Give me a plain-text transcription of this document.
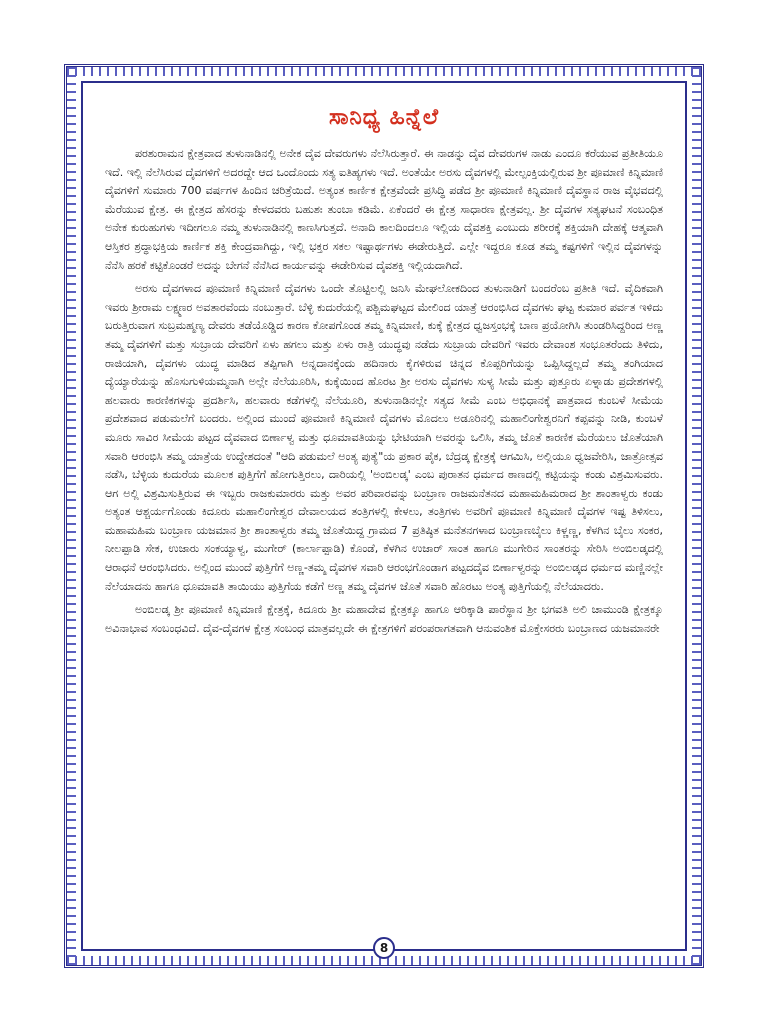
ಸಾನಿಧ್ಯ ಹಿನ್ನೆಲೆ

ಪರಶುರಾಮನ ಕ್ಷೇತ್ರವಾದ ತುಳುನಾಡಿನಲ್ಲಿ ಅನೇಕ ದೈವ ದೇವರುಗಳು ನೆಲೆಸಿರುತ್ತಾರೆ. ಈ ನಾಡನ್ನು ದೈವ ದೇವರುಗಳ ನಾಡು ಎಂದೂ ಕರೆಯುವ ಪ್ರತೀತಿಯೂ ಇದೆ. ಇಲ್ಲಿ ನೆಲೆಸಿರುವ ದೈವಗಳಿಗೆ ಅದರದ್ದೇ ಆದ ಒಂದೊಂದು ಸತ್ಯ ಐತಿಹ್ಯಗಳು ಇದೆ. ಅಂತೆಯೇ ಅರಸು ದೈವಗಳಲ್ಲಿ ಮೇಲ್ಪಂಕ್ತಿಯಲ್ಲಿರುವ ಶ್ರೀ ಪೂಮಾಣಿ ಕಿನ್ನಿಮಾಣಿ ದೈವಗಳಿಗೆ ಸುಮಾರು 700 ವರ್ಷಗಳ ಹಿಂದಿನ ಚರಿತ್ರೆಯಿದೆ. ಅತ್ಯಂತ ಕಾರ್ಣಿಕ ಕ್ಷೇತ್ರವೆಂದೇ ಪ್ರಸಿದ್ಧಿ ಪಡೆದ ಶ್ರೀ ಪೂಮಾಣಿ ಕಿನ್ನಿಮಾಣಿ ದೈವಸ್ಥಾನ ರಾಜ ವೈಭವದಲ್ಲಿ ಮೆರೆಯುವ ಕ್ಷೇತ್ರ. ಈ ಕ್ಷೇತ್ರದ ಹೆಸರನ್ನು ಕೇಳದವರು ಬಹುಶಃ ತುಂಬಾ ಕಡಿಮೆ. ಏಕೆಂದರೆ ಈ ಕ್ಷೇತ್ರ ಸಾಧಾರಣ ಕ್ಷೇತ್ರವಲ್ಲ. ಶ್ರೀ ದೈವಗಳ ಸತ್ಯಘಟನೆ ಸಂಬಂಧಿತ ಅನೇಕ ಕುರುಹುಗಳು ಇದೀಗಲೂ ನಮ್ಮ ತುಳುನಾಡಿನಲ್ಲಿ ಕಾಣಸಿಗುತ್ತದೆ. ಅನಾದಿ ಕಾಲದಿಂದಲೂ ಇಲ್ಲಿಯ ದೈವಶಕ್ತಿ ಎಂಬುದು ಶರೀರಕ್ಕೆ ಶಕ್ತಿಯಾಗಿ ದೇಹಕ್ಕೆ ಆತ್ಮವಾಗಿ ಆಸ್ತಿಕರ ಶ್ರದ್ಧಾಭಕ್ತಿಯ ಕಾರ್ಣಿಕ ಶಕ್ತಿ ಕೇಂದ್ರವಾಗಿದ್ದು, ಇಲ್ಲಿ ಭಕ್ತರ ಸಕಲ ಇಷ್ಟಾರ್ಥಗಳು ಈಡೇರುತ್ತಿದೆ. ಎಲ್ಲೇ ಇದ್ದರೂ ಕೂಡ ತಮ್ಮ ಕಷ್ಟಗಳಿಗೆ ಇಲ್ಲಿನ ದೈವಗಳನ್ನು ನೆನೆಸಿ ಹರಕೆ ಕಟ್ಟಿಕೊಂಡರೆ ಅದನ್ನು ಬೇಗನೆ ನೆನೆಸಿದ ಕಾರ್ಯವನ್ನು ಈಡೇರಿಸುವ ದೈವಶಕ್ತಿ ಇಲ್ಲಿಯದಾಗಿದೆ.

ಅರಸು ದೈವಗಳಾದ ಪೂಮಾಣಿ ಕಿನ್ನಿಮಾಣಿ ದೈವಗಳು ಒಂದೇ ತೊಟ್ಟಿಲಲ್ಲಿ ಜನಿಸಿ ಮೇಘಲೋಕದಿಂದ ತುಳುನಾಡಿಗೆ ಬಂದರೆಂಬ ಪ್ರತೀತಿ ಇದೆ. ವೈದಿಕವಾಗಿ ಇವರು ಶ್ರೀರಾಮ ಲಕ್ಷ್ಮಣರ ಅವತಾರವೆಂದು ನಂಬುತ್ತಾರೆ. ಬೆಳ್ಳಿ ಕುದುರೆಯಲ್ಲಿ ಪಶ್ಚಿಮಘಟ್ಟದ ಮೇಲಿಂದ ಯಾತ್ರೆ ಆರಂಭಿಸಿದ ದೈವಗಳು ಘಟ್ಟ ಕುಮಾರ ಪರ್ವತ ಇಳಿದು ಬರುತ್ತಿರುವಾಗ ಸುಬ್ರಮಹ್ಮಣ್ಯ ದೇವರು ತಡೆಯೊಡ್ಡಿದ ಕಾರಣ ಕೋಪಗೊಂಡ ತಮ್ಮ ಕಿನ್ನಿಮಾಣಿ, ಕುಕ್ಕೆ ಕ್ಷೇತ್ರದ ಧ್ವಜಸ್ತಂಭಕ್ಕೆ ಬಾಣ ಪ್ರಯೋಗಿಸಿ ತುಂಡರಿಸಿದ್ದರಿಂದ ಅಣ್ಣ ತಮ್ಮ ದೈವಗಳಿಗೆ ಮತ್ತು ಸುಬ್ರಾಯ ದೇವರಿಗೆ ಏಳು ಹಗಲು ಮತ್ತು ಏಳು ರಾತ್ರಿ ಯುದ್ಧವು ನಡೆದು ಸುಬ್ರಾಯ ದೇವರಿಗೆ ಇವರು ದೇವಾಂಶ ಸಂಭೂತರೆಂದು ತಿಳಿದು, ರಾಜಿಯಾಗಿ, ದೈವಗಳು ಯುದ್ಧ ಮಾಡಿದ ತಪ್ಪಿಗಾಗಿ ಅನ್ನದಾನಕ್ಕೆಂದು ಹದಿನಾರು ಕೈಗಳಿರುವ ಚಿನ್ನದ ಕೊಪ್ಪರಿಗೆಯನ್ನು ಒಪ್ಪಿಸಿದ್ದಲ್ಲದೆ ತಮ್ಮ ತಂಗಿಯಾದ ದ್ಯೆಯ್ಯಾರೆಯನ್ನು ಹೊಸುಗುಳಿಯಮ್ಮನಾಗಿ ಅಲ್ಲೇ ನೆಲೆಯೂರಿಸಿ, ಕುಕ್ಕೆಯಿಂದ ಹೊರಟ ಶ್ರೀ ಅರಸು ದೈವಗಳು ಸುಳ್ಯ ಸೀಮೆ ಮತ್ತು ಪುತ್ತೂರು ಏಳ್ನಾಡು ಪ್ರದೇಶಗಳಲ್ಲಿ ಹಲವಾರು ಕಾರಣಿಕಗಳನ್ನು ಪ್ರದರ್ಶಿಸಿ, ಹಲವಾರು ಕಡೆಗಳಲ್ಲಿ ನೆಲೆಯೂರಿ, ತುಳುನಾಡಿನಲ್ಲೇ ಸತ್ಯದ ಸೀಮೆ ಎಂಬ ಅಭಿಧಾನಕ್ಕೆ ಪಾತ್ರವಾದ ಕುಂಬಳೆ ಸೀಮೆಯ ಪ್ರದೇಶವಾದ ಪಡುಮಲೆಗೆ ಬಂದರು. ಅಲ್ಲಿಂದ ಮುಂದೆ ಪೂಮಾಣಿ ಕಿನ್ನಿಮಾಣಿ ದೈವಗಳು ಮೊದಲು ಅಡೂರಿನಲ್ಲಿ ಮಹಾಲಿಂಗೇಶ್ವರನಿಗೆ ಕಪ್ಪವನ್ನು ನೀಡಿ, ಕುಂಬಳೆ ಮೂರು ಸಾವಿರ ಸೀಮೆಯ ಪಟ್ಟದ ದೈವವಾದ ಬಿರ್ಣಾಳ್ವ ಮತ್ತು ಧೂಮಾವತಿಯನ್ನು ಭೇಟಿಯಾಗಿ ಅವರನ್ನು ಒಲಿಸಿ, ತಮ್ಮ ಜೊತೆ ಕಾರಣಿಕ ಮೆರೆಯಲು ಜೊತೆಯಾಗಿ ಸವಾರಿ ಆರಂಭಿಸಿ ತಮ್ಮ ಯಾತ್ರೆಯ ಉದ್ದೇಶದಂತೆ "ಆದಿ ಪಡುಮಲೆ ಅಂತ್ಯ ಪುತ್ಯೆ"ಯ ಪ್ರಕಾರ ಪೈಕ, ಬೆದ್ರಡ್ಕ ಕ್ಷೇತ್ರಕ್ಕೆ ಆಗಮಿಸಿ, ಅಲ್ಲಿಯೂ ಧ್ವಜವೇರಿಸಿ, ಜಾತ್ರೋತ್ಸವ ನಡೆಸಿ, ಬೆಳ್ಳಿಯ ಕುದುರೆಯ ಮೂಲಕ ಪುತ್ತಿಗೆಗೆ ಹೋಗುತ್ತಿರಲು, ದಾರಿಯಲ್ಲಿ 'ಅಂಬಿಲಡ್ಕ' ಎಂಬ ಪುರಾತನ ಧರ್ಮದ ಠಾಣದಲ್ಲಿ ಕಟ್ಟಿಯನ್ನು ಕಂಡು ವಿಶ್ರಮಿಸುವರು. ಆಗ ಅಲ್ಲಿ ವಿಶ್ರಮಿಸುತ್ತಿರುವ ಈ ಇಬ್ಬರು ರಾಜಕುಮಾರರು ಮತ್ತು ಅವರ ಪರಿವಾರವನ್ನು ಬಂಬ್ರಾಣ ರಾಜಮನೆತನದ ಮಹಾಮಹಿಮರಾದ ಶ್ರೀ ಶಾಂತಾಳ್ವರು ಕಂಡು ಅತ್ಯಂತ ಆಶ್ಚರ್ಯಗೊಂಡು ಕಿದೂರು ಮಹಾಲಿಂಗೇಶ್ವರ ದೇವಾಲಯದ ತಂತ್ರಿಗಳಲ್ಲಿ ಕೇಳಲು, ತಂತ್ರಿಗಳು ಅವರಿಗೆ ಪೂಮಾಣಿ ಕಿನ್ನಿಮಾಣಿ ದೈವಗಳ ಇಷ್ಟ ತಿಳಿಸಲು, ಮಹಾಮಹಿಮ ಬಂಬ್ರಾಣ ಯಜಮಾನ ಶ್ರೀ ಶಾಂತಾಳ್ವರು ತಮ್ಮ ಜೊತೆಯಿದ್ದ ಗ್ರಾಮದ 7 ಪ್ರತಿಷ್ಠಿತ ಮನೆತನಗಳಾದ ಬಂಬ್ರಾಣಬೈಲು ಕಿಳ್ಣಣ್ಣ, ಕೆಳಗಿನ ಬೈಲು ಸಂಕರ, ನೀಲಪ್ಪಾಡಿ ಸೇಕ, ಉಜಾರು ಸಂಕಯ್ಯಾಳ್ವ, ಮುಗೇರ್ (ಕಾರ್ಲಾಪ್ಪಾಡಿ) ಕೊಂಡೆ, ಕೆಳಗಿನ ಉಜಾರ್ ಸಾಂತ ಹಾಗೂ ಮುಗೇರಿನ ಸಾಂತರನ್ನು ಸೇರಿಸಿ ಅಂಬಿಲಡ್ಕದಲ್ಲಿ ಆರಾಧನೆ ಆರಂಭಿಸಿದರು. ಅಲ್ಲಿಂದ ಮುಂದೆ ಪುತ್ತಿಗೆಗೆ ಅಣ್ಣ-ತಮ್ಮ ದೈವಗಳ ಸವಾರಿ ಆರಂಭಗೊಂಡಾಗ ಪಟ್ಟದದೈವ ಬಿರ್ಣಾಳ್ವರನ್ನು ಅಂಬಿಲಡ್ಕದ ಧರ್ಮದ ಮಣ್ಣಿನಲ್ಲೇ ನೆಲೆಯಾದನು ಹಾಗೂ ಧೂಮಾವತಿ ತಾಯಿಯು ಪುತ್ತಿಗೆಯ ಕಡೆಗೆ ಅಣ್ಣ ತಮ್ಮ ದೈವಗಳ ಜೊತೆ ಸವಾರಿ ಹೊರಟು ಅಂತ್ಯ ಪುತ್ತಿಗೆಯಲ್ಲಿ ನೆಲೆಯಾದರು.

ಅಂಬಿಲಡ್ಕ ಶ್ರೀ ಪೂಮಾಣಿ ಕಿನ್ನಿಮಾಣಿ ಕ್ಷೇತ್ರಕ್ಕೆ, ಕಿದೂರು ಶ್ರೀ ಮಹಾದೇವ ಕ್ಷೇತ್ರಕ್ಕೂ ಹಾಗೂ ಆರಿಕ್ಕಾಡಿ ಪಾರೆಸ್ಥಾನ ಶ್ರೀ ಭಗವತಿ ಅಲಿ ಚಾಮುಂಡಿ ಕ್ಷೇತ್ರಕ್ಕೂ ಅವಿನಾಭಾವ ಸಂಬಂಧವಿದೆ. ದೈವ-ದೈವಗಳ ಕ್ಷೇತ್ರ ಸಂಬಂಧ ಮಾತ್ರವಲ್ಲದೇ ಈ ಕ್ಷೇತ್ರಗಳಿಗೆ ಪರಂಪರಾಗತವಾಗಿ ಆನುವಂಶಿಕ ಮೊಕ್ತೇಸರರು ಬಂಬ್ರಾಣದ ಯಜಮಾನರೇ

8
